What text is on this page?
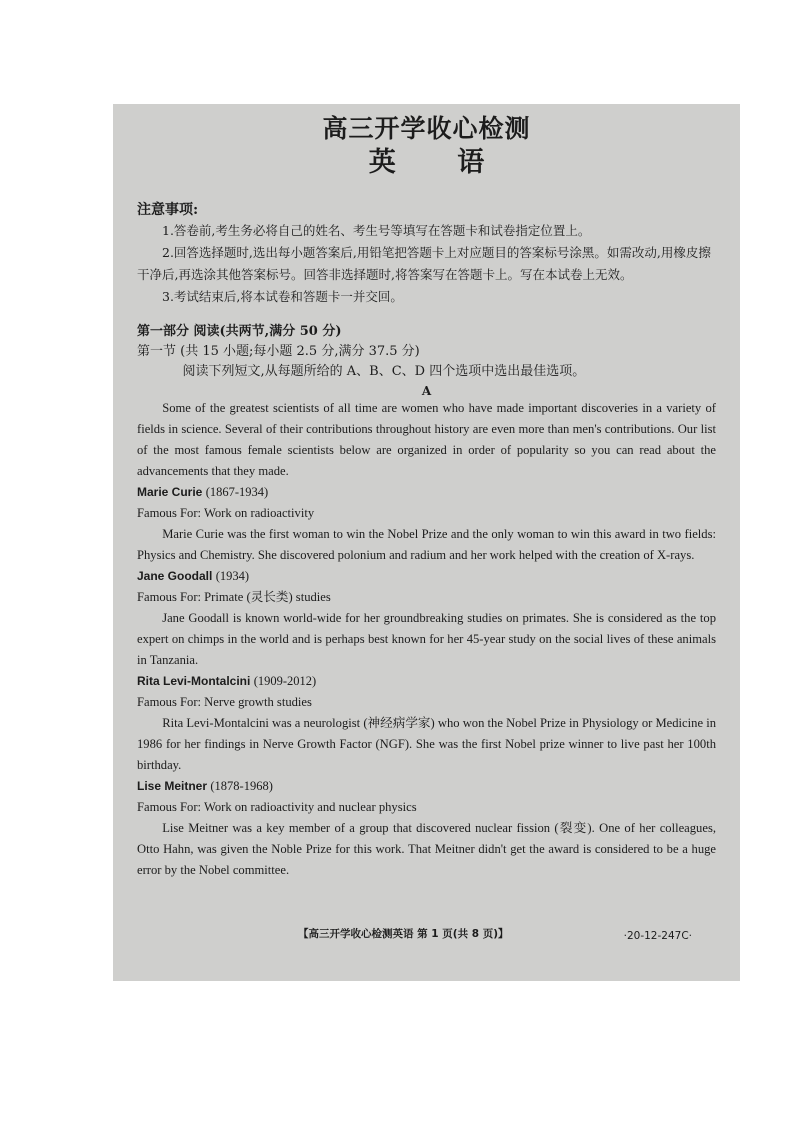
高三开学收心检测
英 语
注意事项:

1.答卷前,考生务必将自己的姓名、考生号等填写在答题卡和试卷指定位置上。

2.回答选择题时,选出每小题答案后,用铅笔把答题卡上对应题目的答案标号涂黑。如需改动,用橡皮擦干净后,再选涂其他答案标号。回答非选择题时,将答案写在答题卡上。写在本试卷上无效。

3.考试结束后,将本试卷和答题卡一并交回。

第一部分 阅读(共两节,满分 50 分)
第一节 (共 15 小题;每小题 2.5 分,满分 37.5 分)
阅读下列短文,从每题所给的 A、B、C、D 四个选项中选出最佳选项。
A

Some of the greatest scientists of all time are women who have made important discoveries in a variety of fields in science. Several of their contributions throughout history are even more than men's contributions. Our list of the most famous female scientists below are organized in order of popularity so you can read about the advancements that they made.

Marie Curie (1867-1934)
Famous For: Work on radioactivity

Marie Curie was the first woman to win the Nobel Prize and the only woman to win this award in two fields: Physics and Chemistry. She discovered polonium and radium and her work helped with the creation of X-rays.

Jane Goodall (1934)
Famous For: Primate (灵长类) studies

Jane Goodall is known world-wide for her groundbreaking studies on primates. She is considered as the top expert on chimps in the world and is perhaps best known for her 45-year study on the social lives of these animals in Tanzania.

Rita Levi-Montalcini (1909-2012)
Famous For: Nerve growth studies

Rita Levi-Montalcini was a neurologist (神经病学家) who won the Nobel Prize in Physiology or Medicine in 1986 for her findings in Nerve Growth Factor (NGF). She was the first Nobel prize winner to live past her 100th birthday.

Lise Meitner (1878-1968)
Famous For: Work on radioactivity and nuclear physics

Lise Meitner was a key member of a group that discovered nuclear fission (裂变). One of her colleagues, Otto Hahn, was given the Noble Prize for this work. That Meitner didn't get the award is considered to be a huge error by the Nobel committee.

【高三开学收心检测英语 第 1 页(共 8 页)】	·20-12-247C·
